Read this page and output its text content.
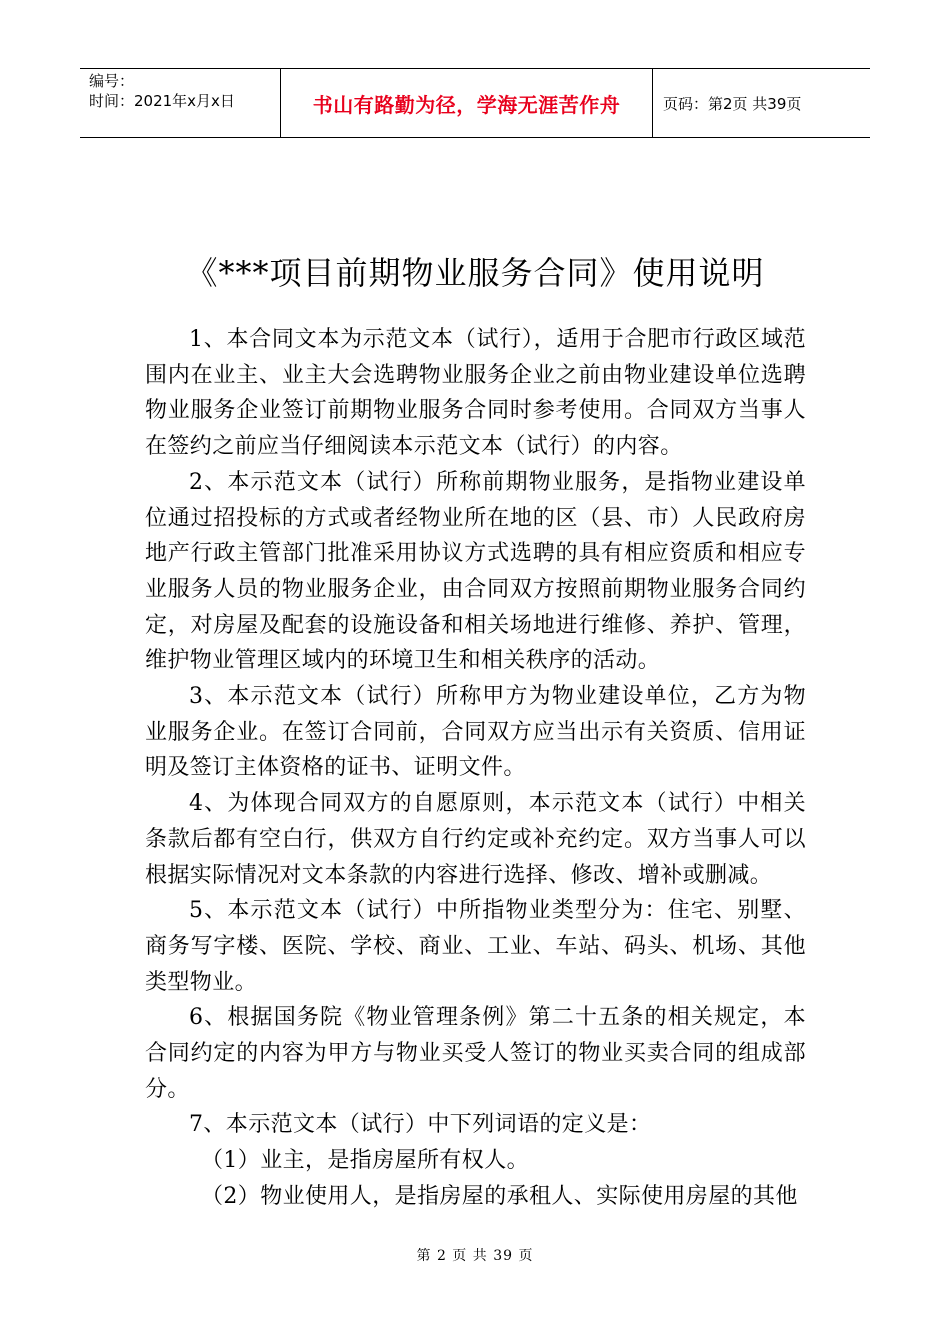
编号：
时间：2021年x月x日	书山有路勤为径，学海无涯苦作舟	页码：第2页 共39页
《***项目前期物业服务合同》使用说明

1、本合同文本为示范文本（试行），适用于合肥市行政区域范围内在业主、业主大会选聘物业服务企业之前由物业建设单位选聘物业服务企业签订前期物业服务合同时参考使用。合同双方当事人在签约之前应当仔细阅读本示范文本（试行）的内容。

2、本示范文本（试行）所称前期物业服务，是指物业建设单位通过招投标的方式或者经物业所在地的区（县、市）人民政府房地产行政主管部门批准采用协议方式选聘的具有相应资质和相应专业服务人员的物业服务企业，由合同双方按照前期物业服务合同约定，对房屋及配套的设施设备和相关场地进行维修、养护、管理，维护物业管理区域内的环境卫生和相关秩序的活动。

3、本示范文本（试行）所称甲方为物业建设单位，乙方为物业服务企业。在签订合同前，合同双方应当出示有关资质、信用证明及签订主体资格的证书、证明文件。

4、为体现合同双方的自愿原则，本示范文本（试行）中相关条款后都有空白行，供双方自行约定或补充约定。双方当事人可以根据实际情况对文本条款的内容进行选择、修改、增补或删减。

5、本示范文本（试行）中所指物业类型分为：住宅、别墅、商务写字楼、医院、学校、商业、工业、车站、码头、机场、其他类型物业。

6、根据国务院《物业管理条例》第二十五条的相关规定，本合同约定的内容为甲方与物业买受人签订的物业买卖合同的组成部分。

7、本示范文本（试行）中下列词语的定义是：

（1）业主，是指房屋所有权人。

（2）物业使用人，是指房屋的承租人、实际使用房屋的其他

第 2 页 共 39 页
